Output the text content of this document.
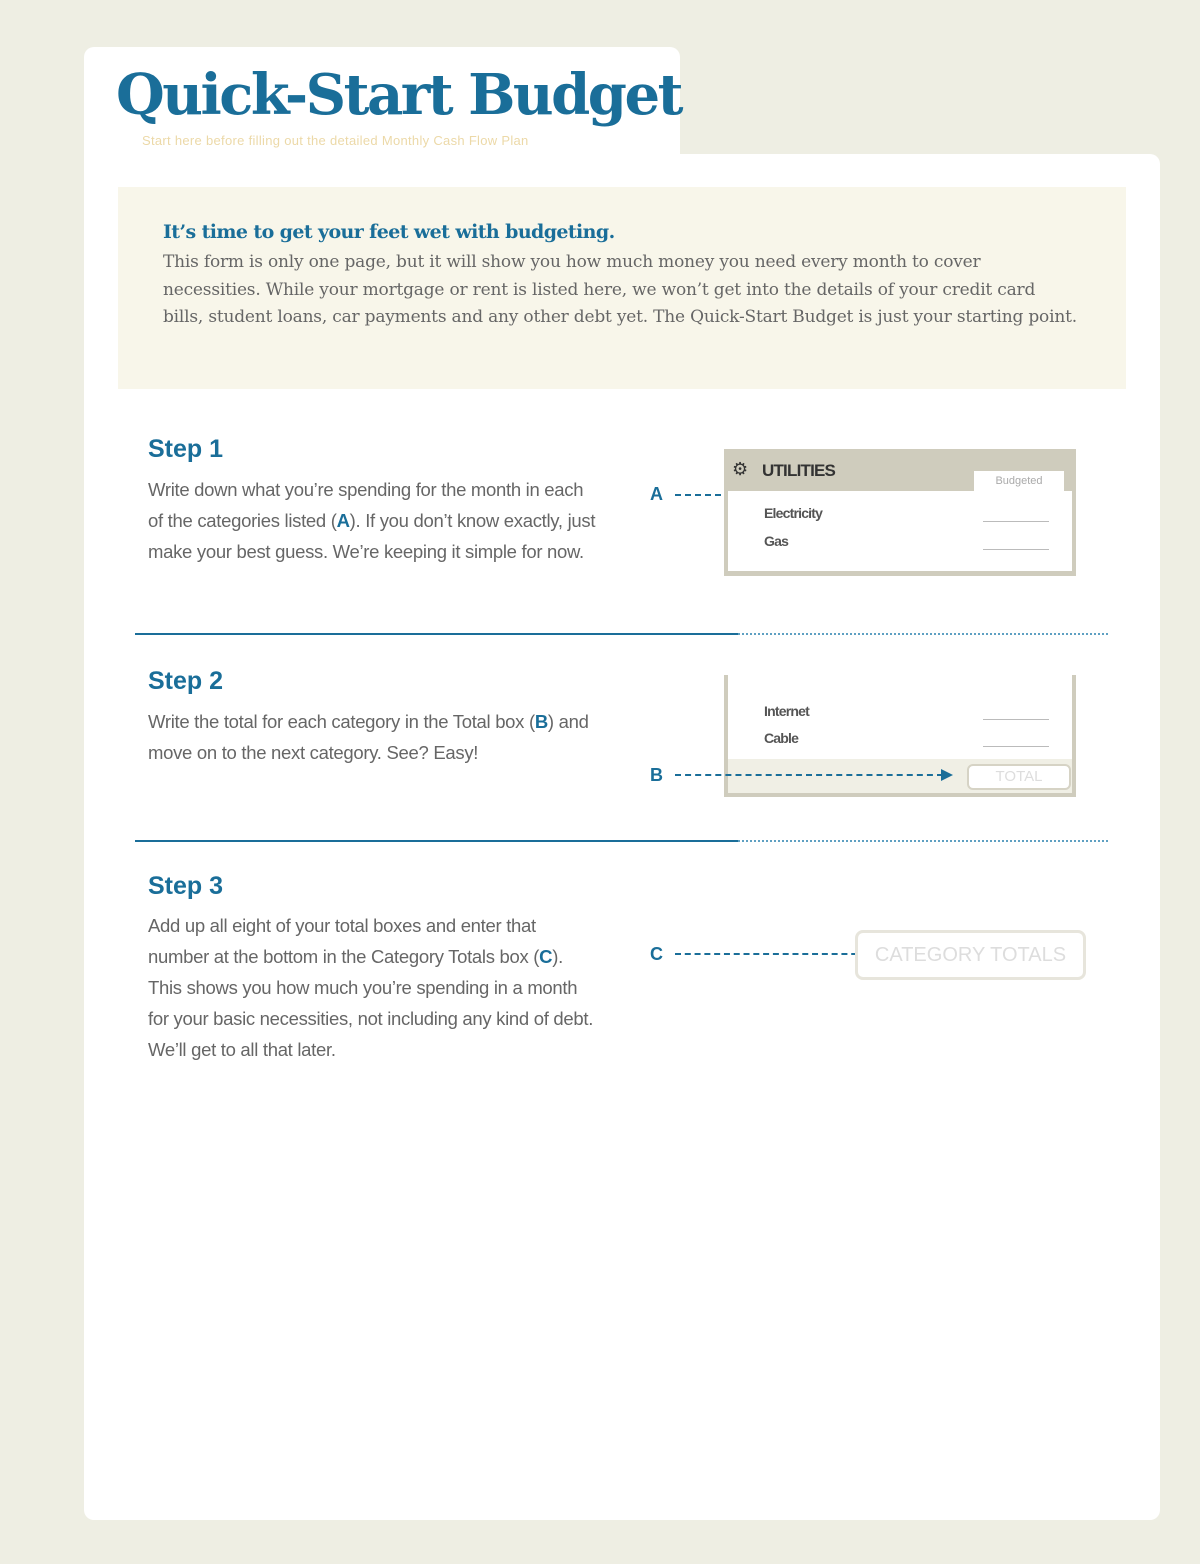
Quick-Start Budget
Start here before filling out the detailed Monthly Cash Flow Plan

It’s time to get your feet wet with budgeting.

This form is only one page, but it will show you how much money you need every month to cover necessities. While your mortgage or rent is listed here, we won’t get into the details of your credit card bills, student loans, car payments and any other debt yet. The Quick-Start Budget is just your starting point.

Step 1

Write down what you’re spending for the month in each of the categories listed (A). If you don’t know exactly, just make your best guess. We’re keeping it simple for now.

A
⚙ UTILITIES
Budgeted
Electricity
Gas
Step 2

Write the total for each category in the Total box (B) and move on to the next category. See? Easy!

Internet
Cable
TOTAL
B
Step 3

Add up all eight of your total boxes and enter that number at the bottom in the Category Totals box (C). This shows you how much you’re spending in a month for your basic necessities, not including any kind of debt. We’ll get to all that later.

C	CATEGORY TOTALS
